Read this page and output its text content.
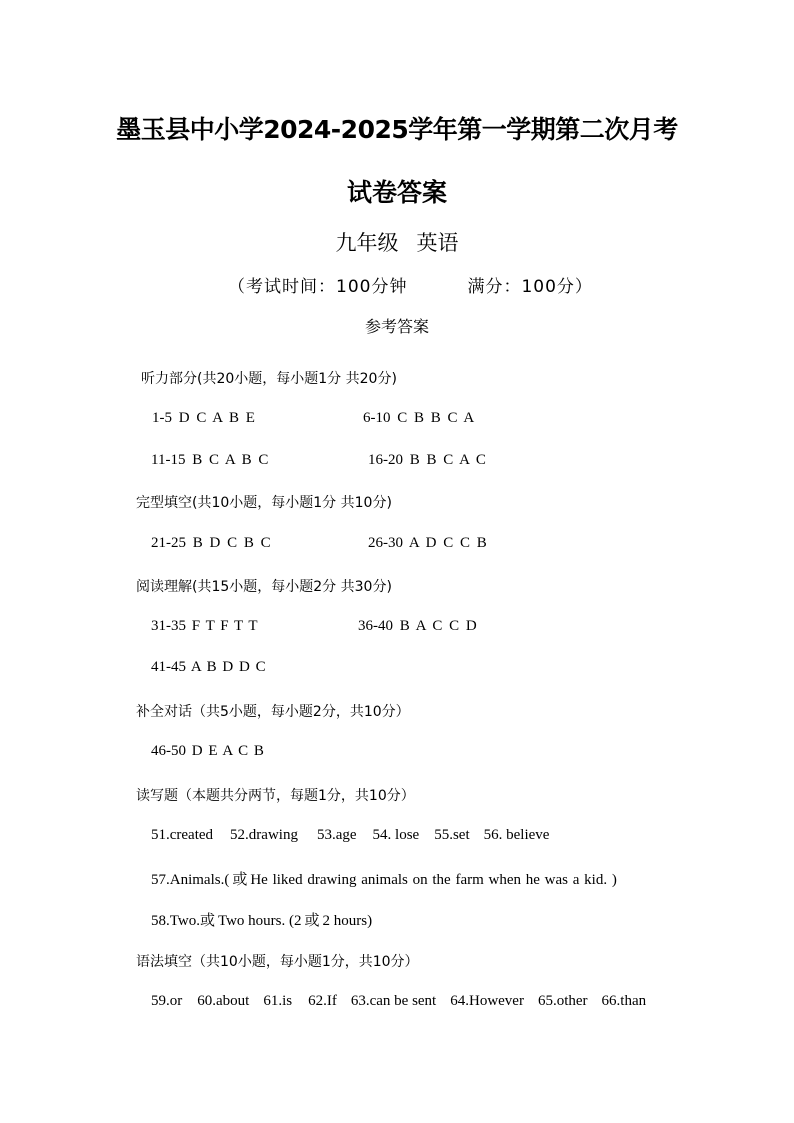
墨玉县中小学2024-2025学年第一学期第二次月考
试卷答案
九年级 英语
（考试时间：100分钟	满分：100分）
参考答案
听力部分(共20小题，每小题1分 共20分)
1-5 D C A B E	6-10 C B B C A
11-15 B C A B C	16-20 B B C A C
完型填空(共10小题，每小题1分 共10分)
21-25 B D C B C	26-30 A D C C B
阅读理解(共15小题，每小题2分 共30分)
31-35 F T F T T	36-40 B A C C D
41-45 A B D D C
补全对话（共5小题，每小题2分，共10分）
46-50 D E A C B
读写题（本题共分两节，每题1分，共10分）
51.created 52.drawing 53.age 54. lose 55.set 56. believe
57.Animals.( 或 He liked drawing animals on the farm when he was a kid. )
58.Two.或 Two hours. (2 或 2 hours)
语法填空（共10小题，每小题1分，共10分）
59.or 60.about 61.is 62.If 63.can be sent 64.However 65.other 66.than
